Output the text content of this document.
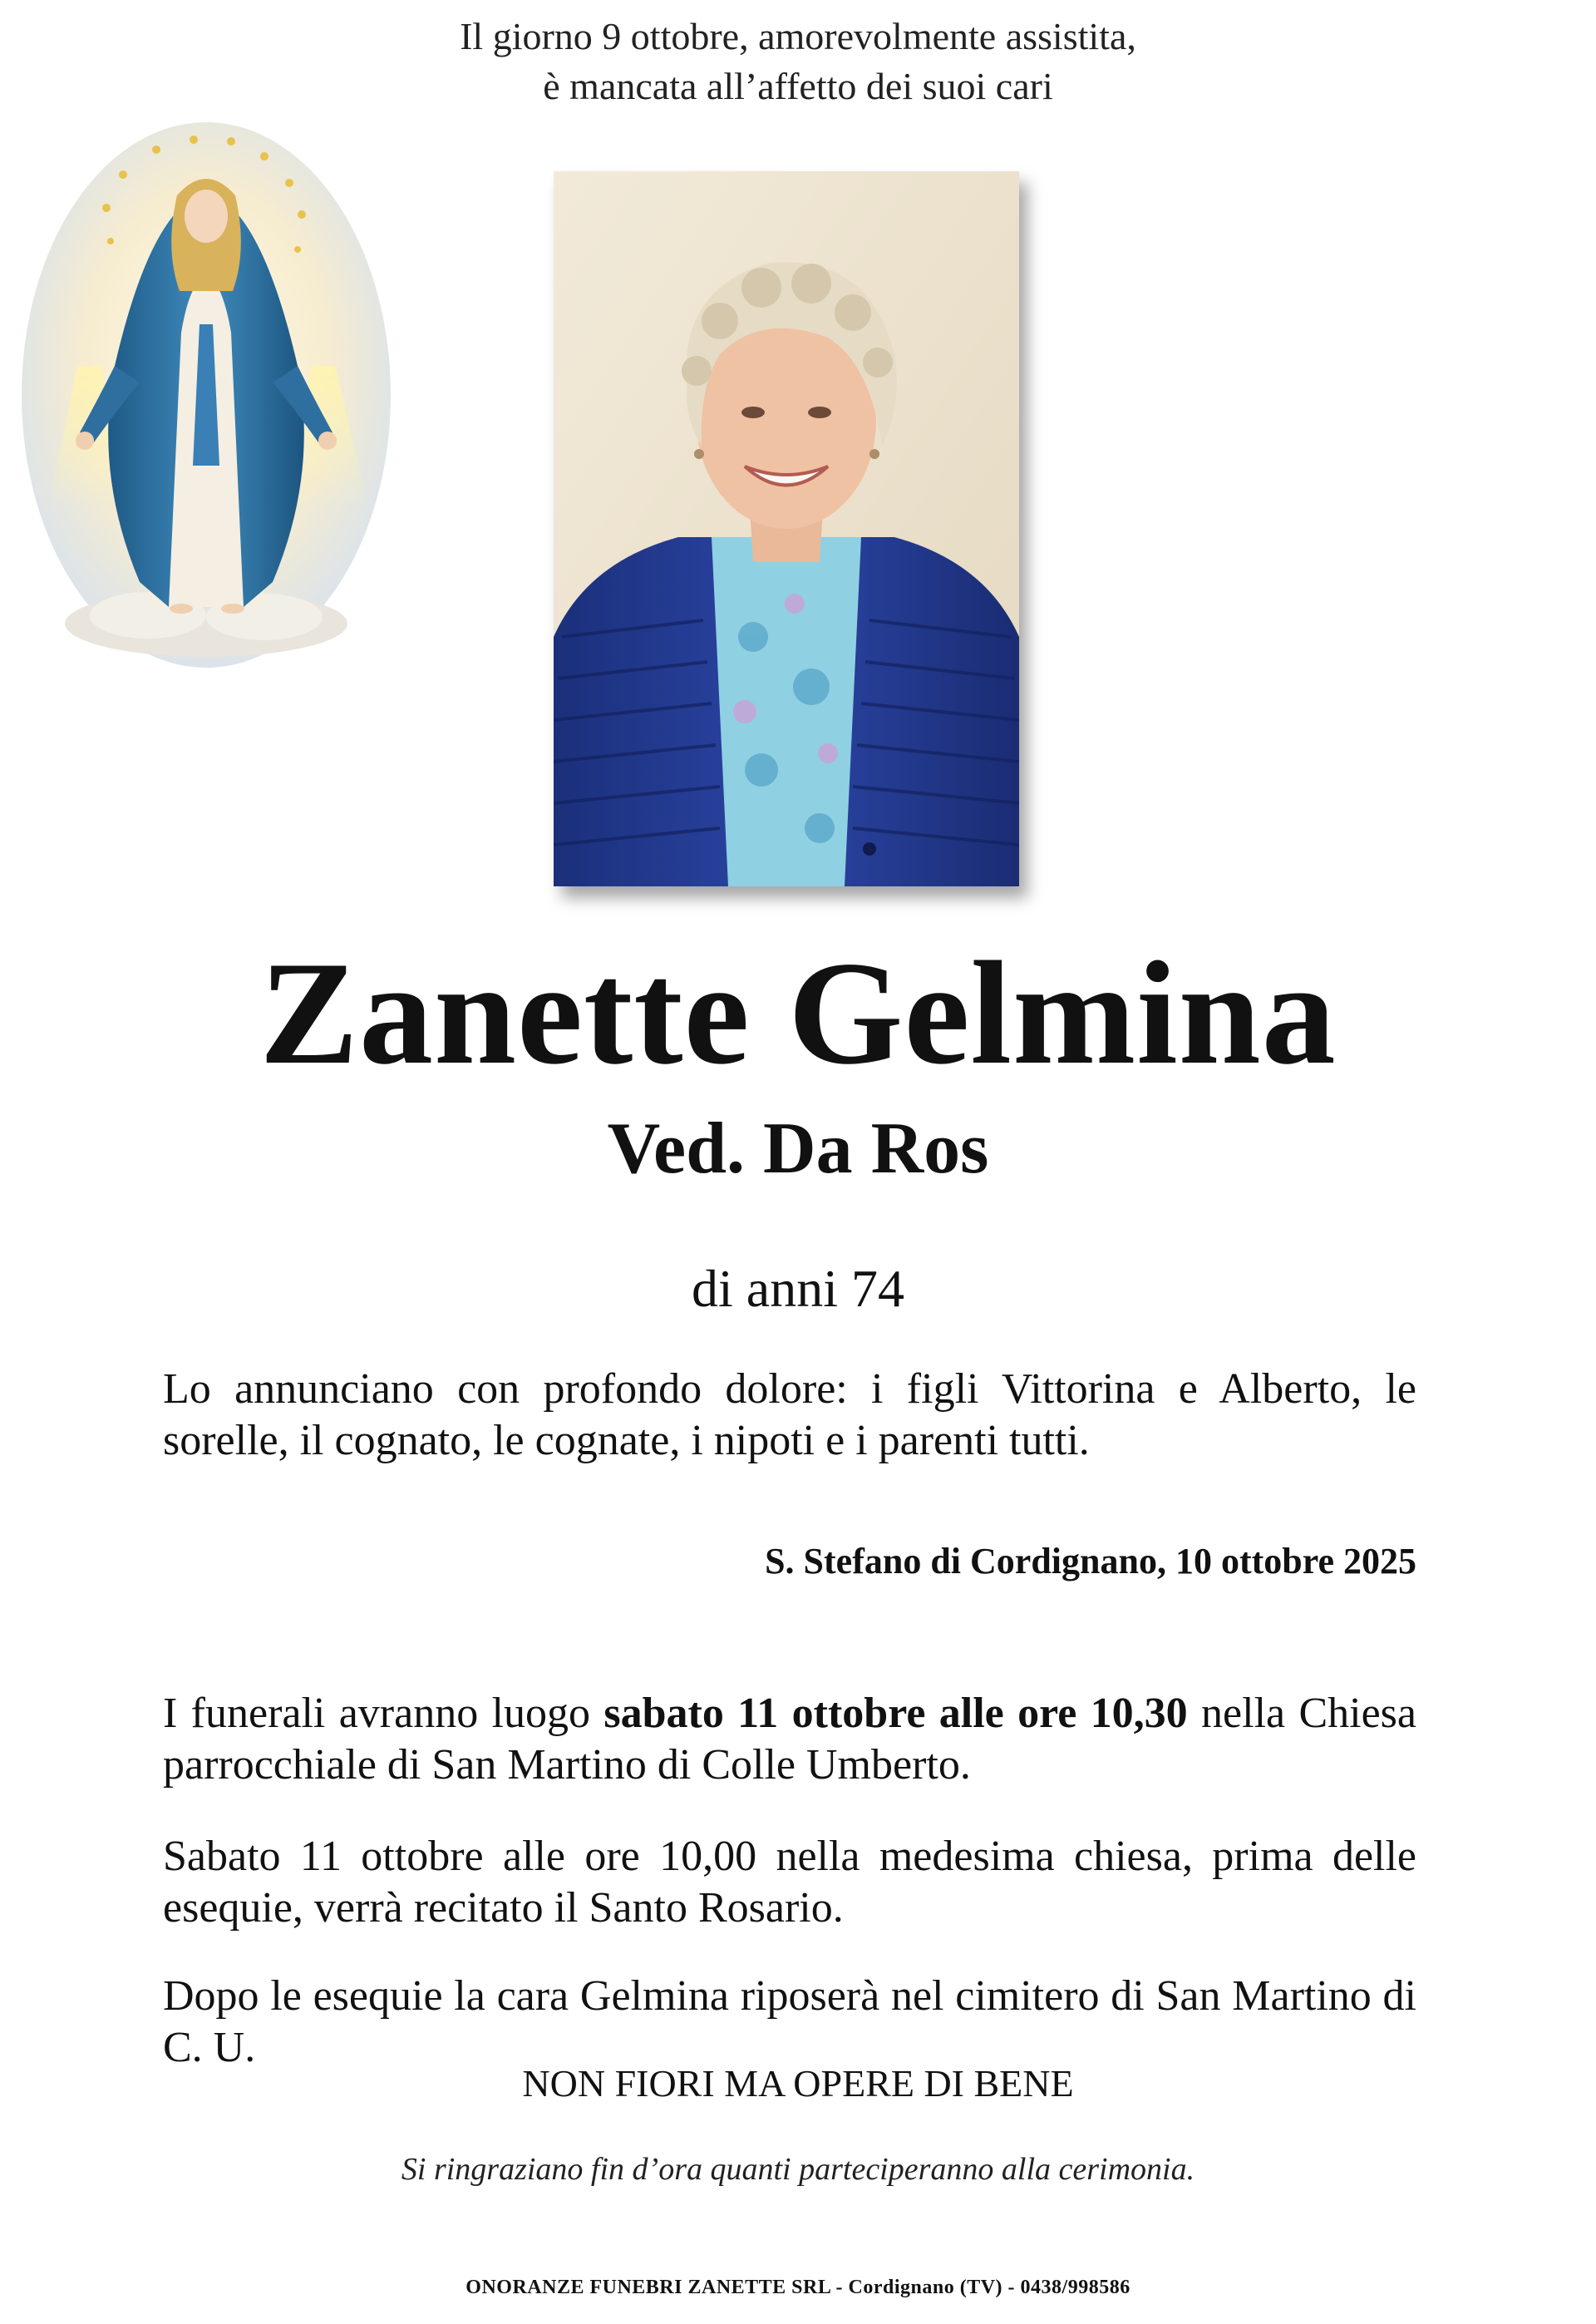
Il giorno 9 ottobre, amorevolmente assistita,
è mancata all’affetto dei suoi cari
Zanette Gelmina
Ved. Da Ros
di anni 74
Lo annunciano con profondo dolore: i figli Vittorina e Alberto, le sorelle, il cognato, le cognate, i nipoti e i parenti tutti.
S. Stefano di Cordignano, 10 ottobre 2025
I funerali avranno luogo sabato 11 ottobre alle ore 10,30 nella Chiesa parrocchiale di San Martino di Colle Umberto.
Sabato 11 ottobre alle ore 10,00 nella medesima chiesa, prima delle esequie, verrà recitato il Santo Rosario.
Dopo le esequie la cara Gelmina riposerà nel cimitero di San Martino di C. U.
NON FIORI MA OPERE DI BENE
Si ringraziano fin d’ora quanti parteciperanno alla cerimonia.
ONORANZE FUNEBRI ZANETTE SRL - Cordignano (TV) - 0438/998586
